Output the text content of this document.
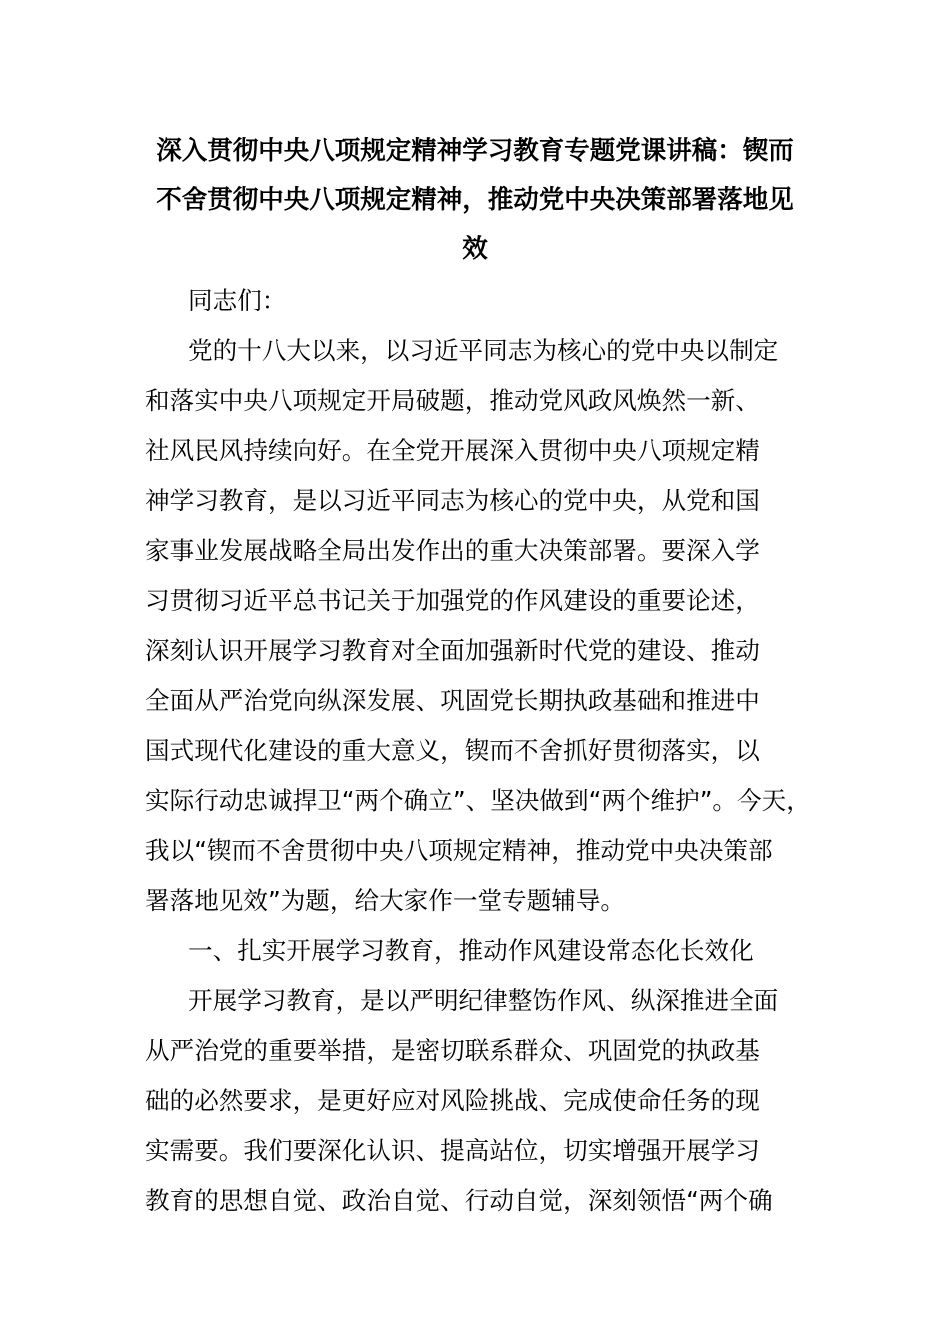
深入贯彻中央八项规定精神学习教育专题党课讲稿：锲而
不舍贯彻中央八项规定精神，推动党中央决策部署落地见
效
同志们：
党的十八大以来，以习近平同志为核心的党中央以制定
和落实中央八项规定开局破题，推动党风政风焕然一新、
社风民风持续向好。在全党开展深入贯彻中央八项规定精
神学习教育，是以习近平同志为核心的党中央，从党和国
家事业发展战略全局出发作出的重大决策部署。要深入学
习贯彻习近平总书记关于加强党的作风建设的重要论述，
深刻认识开展学习教育对全面加强新时代党的建设、推动
全面从严治党向纵深发展、巩固党长期执政基础和推进中
国式现代化建设的重大意义，锲而不舍抓好贯彻落实，以
实际行动忠诚捍卫“两个确立”、坚决做到“两个维护”。今天，
我以“锲而不舍贯彻中央八项规定精神，推动党中央决策部
署落地见效”为题，给大家作一堂专题辅导。
一、扎实开展学习教育，推动作风建设常态化长效化
开展学习教育，是以严明纪律整饬作风、纵深推进全面
从严治党的重要举措，是密切联系群众、巩固党的执政基
础的必然要求，是更好应对风险挑战、完成使命任务的现
实需要。我们要深化认识、提高站位，切实增强开展学习
教育的思想自觉、政治自觉、行动自觉，深刻领悟“两个确
